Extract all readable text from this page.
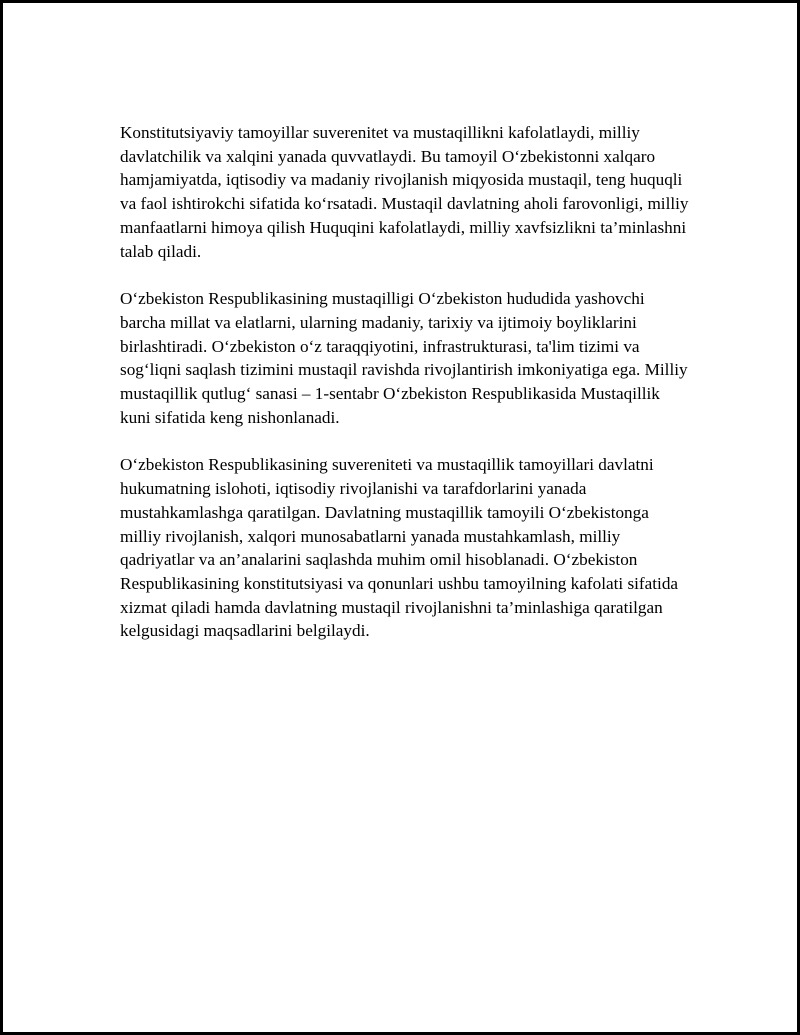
Konstitutsiyaviy tamoyillar suverenitet va mustaqillikni kafolatlaydi, milliy davlatchilik va xalqini yanada quvvatlaydi. Bu tamoyil O‘zbekistonni xalqaro hamjamiyatda, iqtisodiy va madaniy rivojlanish miqyosida mustaqil, teng huquqli va faol ishtirokchi sifatida ko‘rsatadi. Mustaqil davlatning aholi farovonligi, milliy manfaatlarni himoya qilish Huquqini kafolatlaydi, milliy xavfsizlikni ta’minlashni talab qiladi.

O‘zbekiston Respublikasining mustaqilligi O‘zbekiston hududida yashovchi barcha millat va elatlarni, ularning madaniy, tarixiy va ijtimoiy boyliklarini birlashtiradi. O‘zbekiston o‘z taraqqiyotini, infrastrukturasi, ta'lim tizimi va sog‘liqni saqlash tizimini mustaqil ravishda rivojlantirish imkoniyatiga ega. Milliy mustaqillik qutlug‘ sanasi – 1-sentabr O‘zbekiston Respublikasida Mustaqillik kuni sifatida keng nishonlanadi.

O‘zbekiston Respublikasining suvereniteti va mustaqillik tamoyillari davlatni hukumatning islohoti, iqtisodiy rivojlanishi va tarafdorlarini yanada mustahkamlashga qaratilgan. Davlatning mustaqillik tamoyili O‘zbekistonga milliy rivojlanish, xalqori munosabatlarni yanada mustahkamlash, milliy qadriyatlar va an’analarini saqlashda muhim omil hisoblanadi. O‘zbekiston Respublikasining konstitutsiyasi va qonunlari ushbu tamoyilning kafolati sifatida xizmat qiladi hamda davlatning mustaqil rivojlanishni ta’minlashiga qaratilgan kelgusidagi maqsadlarini belgilaydi.
